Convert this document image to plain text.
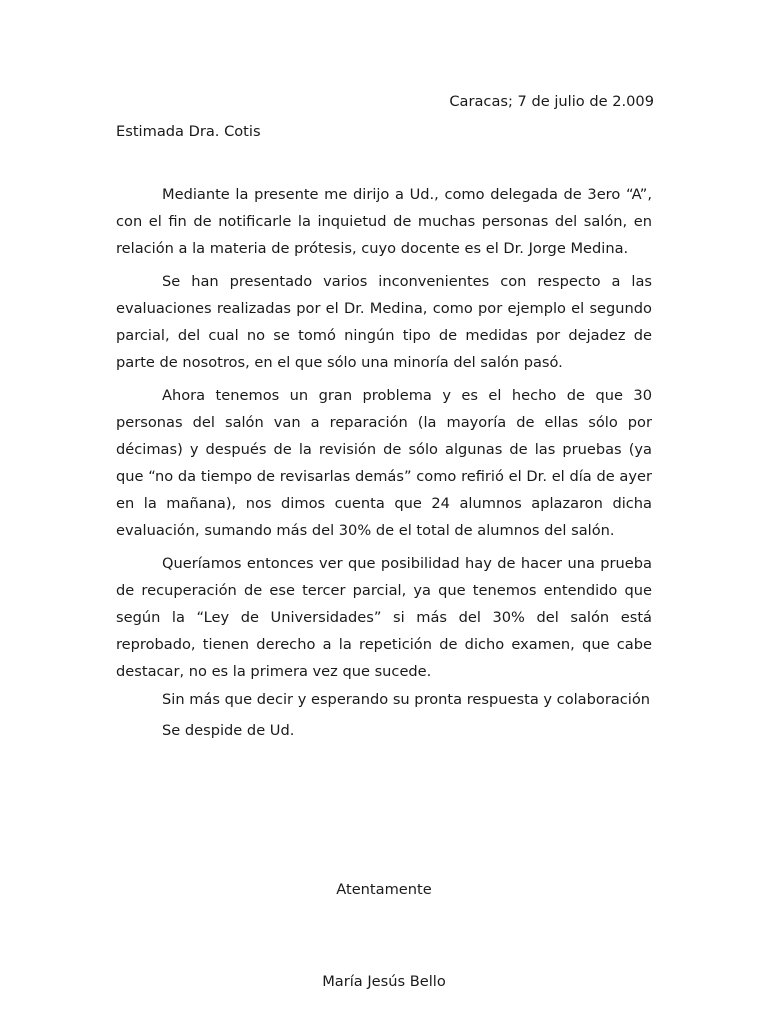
Caracas; 7 de julio de 2.009
Estimada Dra. Cotis

Mediante la presente me dirijo a Ud., como delegada de 3ero “A”, con el fin de notificarle la inquietud de muchas personas del salón, en relación a la materia de prótesis, cuyo docente es el Dr. Jorge Medina.

Se han presentado varios inconvenientes con respecto a las evaluaciones realizadas por el Dr. Medina, como por ejemplo el segundo parcial, del cual no se tomó ningún tipo de medidas por dejadez de parte de nosotros, en el que sólo una minoría del salón pasó.

Ahora tenemos un gran problema y es el hecho de que 30 personas del salón van a reparación (la mayoría de ellas sólo por décimas) y después de la revisión de sólo algunas de las pruebas (ya que “no da tiempo de revisarlas demás” como refirió el Dr. el día de ayer en la mañana), nos dimos cuenta que 24 alumnos aplazaron dicha evaluación, sumando más del 30% de el total de alumnos del salón.

Queríamos entonces ver que posibilidad hay de hacer una prueba de recuperación de ese tercer parcial, ya que tenemos entendido que según la “Ley de Universidades” si más del 30% del salón está reprobado, tienen derecho a la repetición de dicho examen, que cabe destacar, no es la primera vez que sucede.

Sin más que decir y esperando su pronta respuesta y colaboración

Se despide de Ud.

Atentamente
María Jesús Bello
